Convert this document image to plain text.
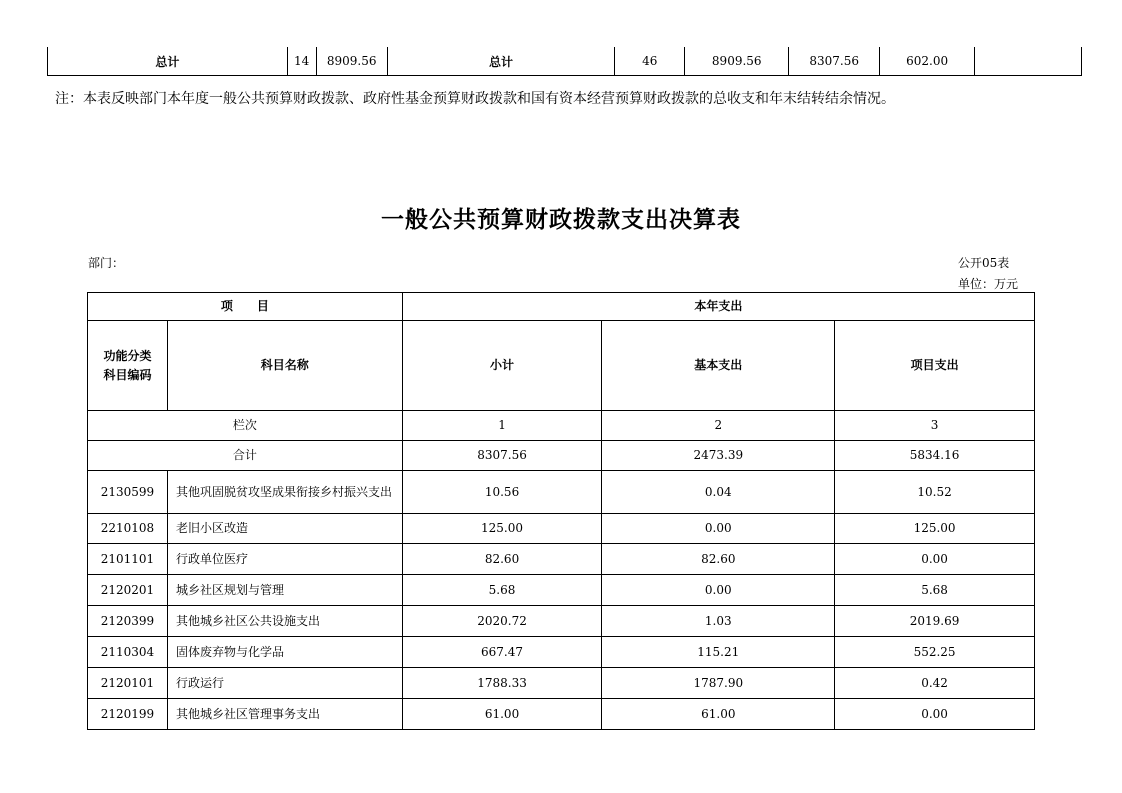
总计	14	8909.56	总计	46	8909.56	8307.56	602.00	
注：本表反映部门本年度一般公共预算财政拨款、政府性基金预算财政拨款和国有资本经营预算财政拨款的总收支和年末结转结余情况。
一般公共预算财政拨款支出决算表
部门：	公开05表
单位：万元
项　　目		本年支出		
功能分类科目编码	科目名称	小计	基本支出	项目支出
栏次		1	2	3
合计		8307.56	2473.39	5834.16
2130599	其他巩固脱贫攻坚成果衔接乡村振兴支出	10.56	0.04	10.52
2210108	老旧小区改造	125.00	0.00	125.00
2101101	行政单位医疗	82.60	82.60	0.00
2120201	城乡社区规划与管理	5.68	0.00	5.68
2120399	其他城乡社区公共设施支出	2020.72	1.03	2019.69
2110304	固体废弃物与化学品	667.47	115.21	552.25
2120101	行政运行	1788.33	1787.90	0.42
2120199	其他城乡社区管理事务支出	61.00	61.00	0.00
